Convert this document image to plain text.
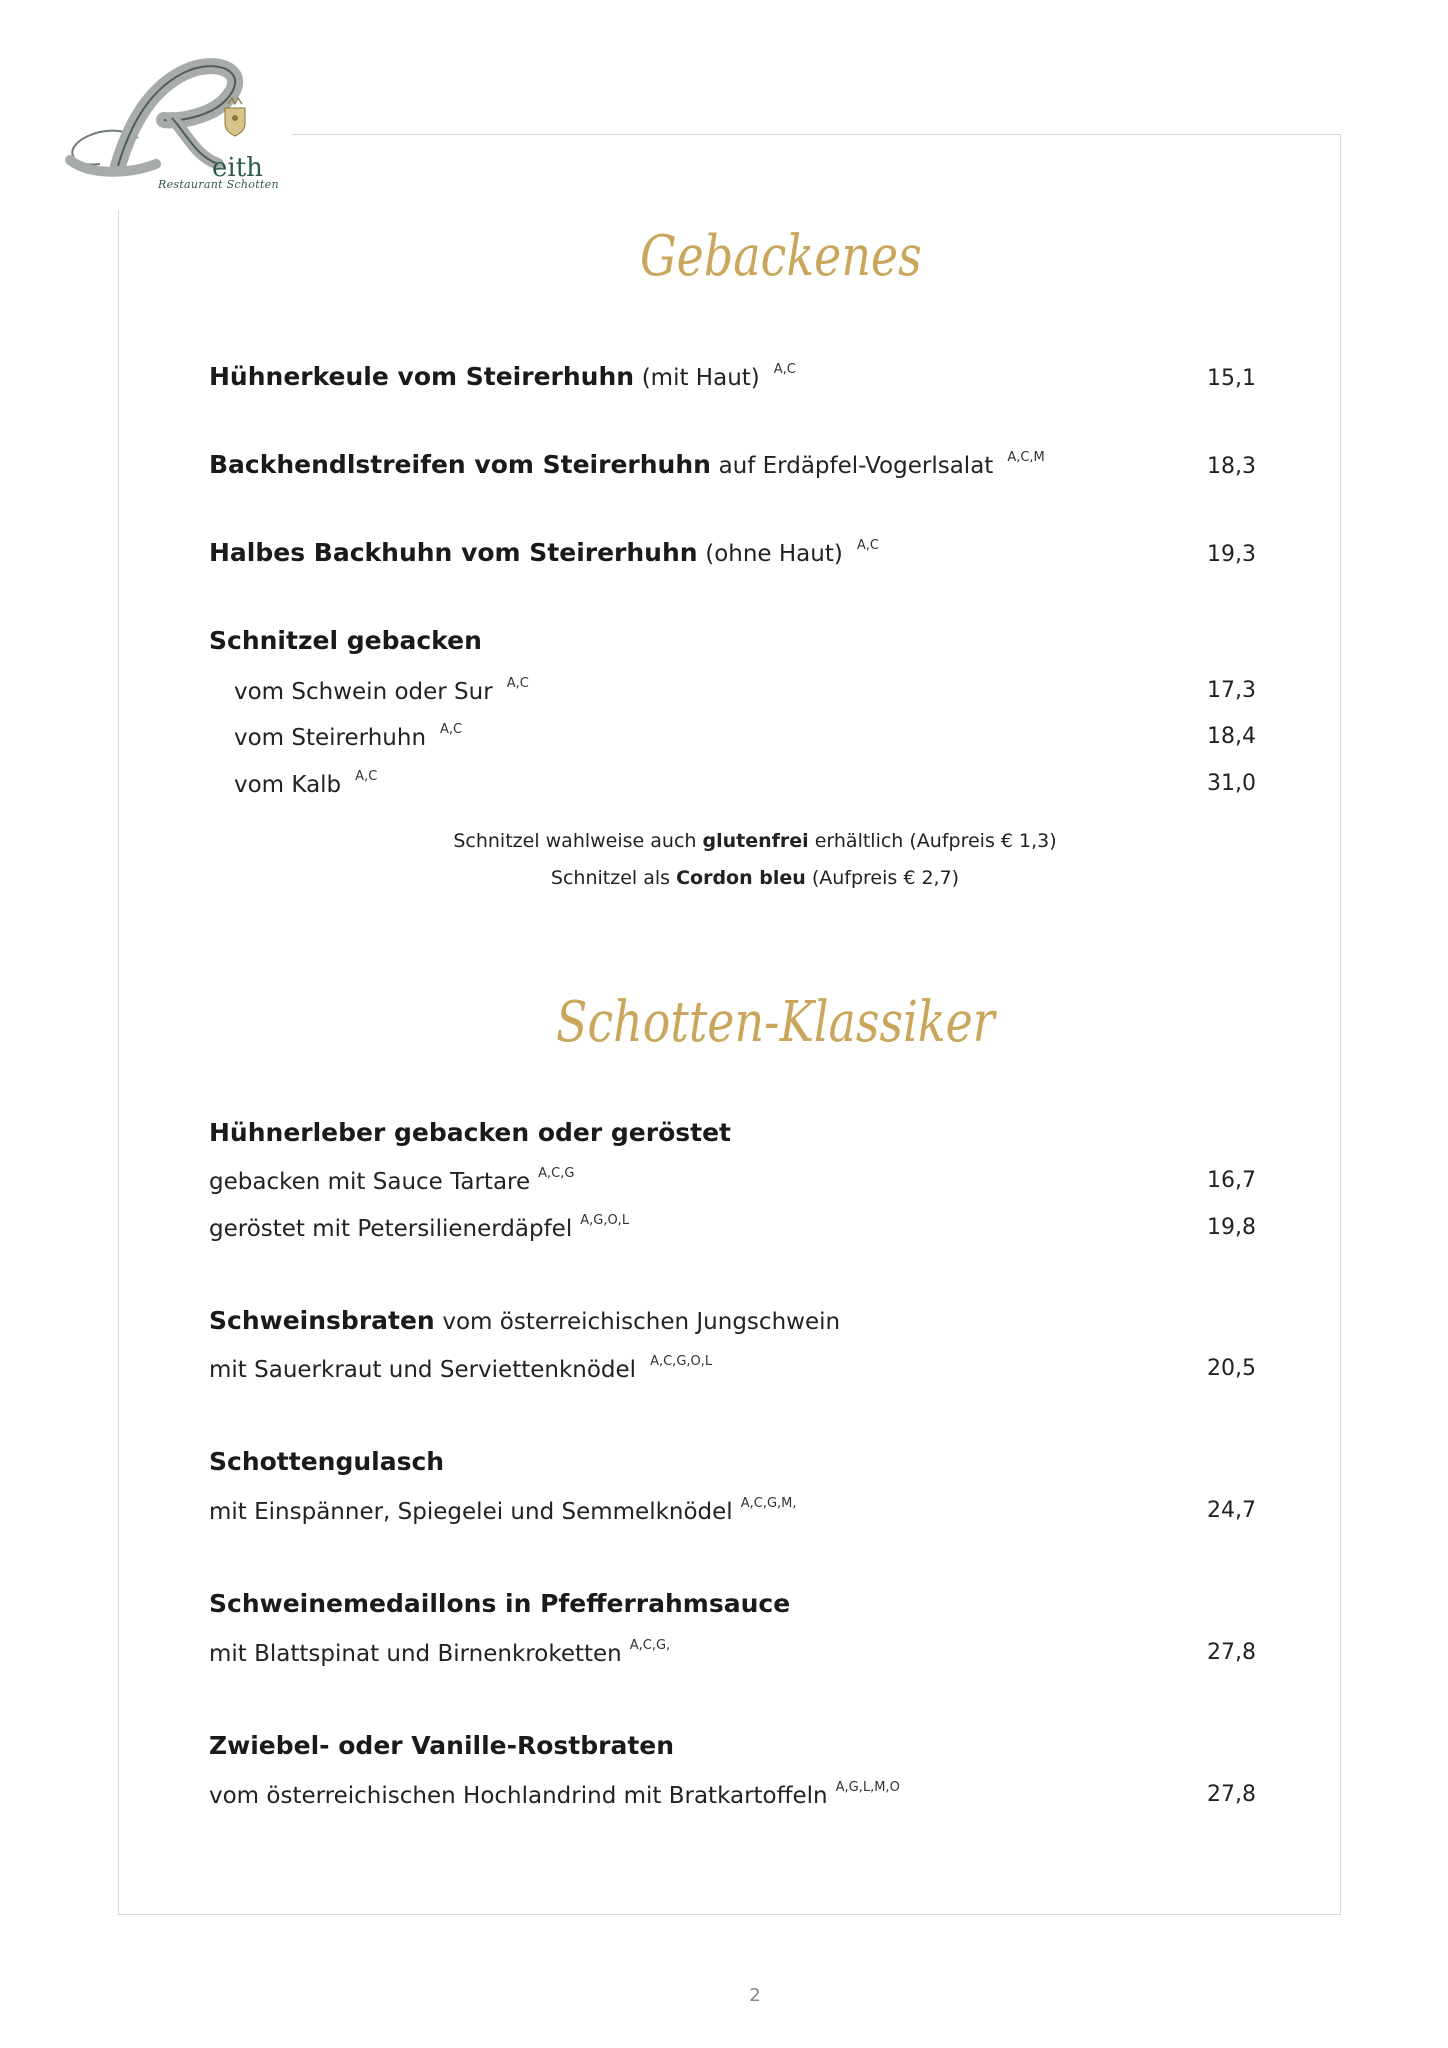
eith
Restaurant Schotten
Gebackenes
Hühnerkeule vom Steirerhuhn (mit Haut) $^{A,C}$	15,1
Backhendlstreifen vom Steirerhuhn auf Erdäpfel-Vogerlsalat $^{A,C,M}$	18,3
Halbes Backhuhn vom Steirerhuhn (ohne Haut) $^{A,C}$	19,3
Schnitzel gebacken
vom Schwein oder Sur $^{A,C}$	17,3
vom Steirerhuhn $^{A,C}$	18,4
vom Kalb $^{A,C}$	31,0
Schnitzel wahlweise auch glutenfrei erhältlich (Aufpreis € 1,3)
Schnitzel als Cordon bleu (Aufpreis € 2,7)
Schotten-Klassiker
Hühnerleber gebacken oder geröstet
gebacken mit Sauce Tartare $^{A,C,G}$	16,7
geröstet mit Petersilienerdäpfel $^{A,G,O,L}$	19,8
Schweinsbraten vom österreichischen Jungschwein
mit Sauerkraut und Serviettenknödel $^{A,C,G,O,L}$	20,5
Schottengulasch
mit Einspänner, Spiegelei und Semmelknödel $^{A,C,G,M,}$	24,7
Schweinemedaillons in Pfefferrahmsauce
mit Blattspinat und Birnenkroketten $^{A,C,G,}$	27,8
Zwiebel- oder Vanille-Rostbraten
vom österreichischen Hochlandrind mit Bratkartoffeln $^{A,G,L,M,O}$	27,8
2
